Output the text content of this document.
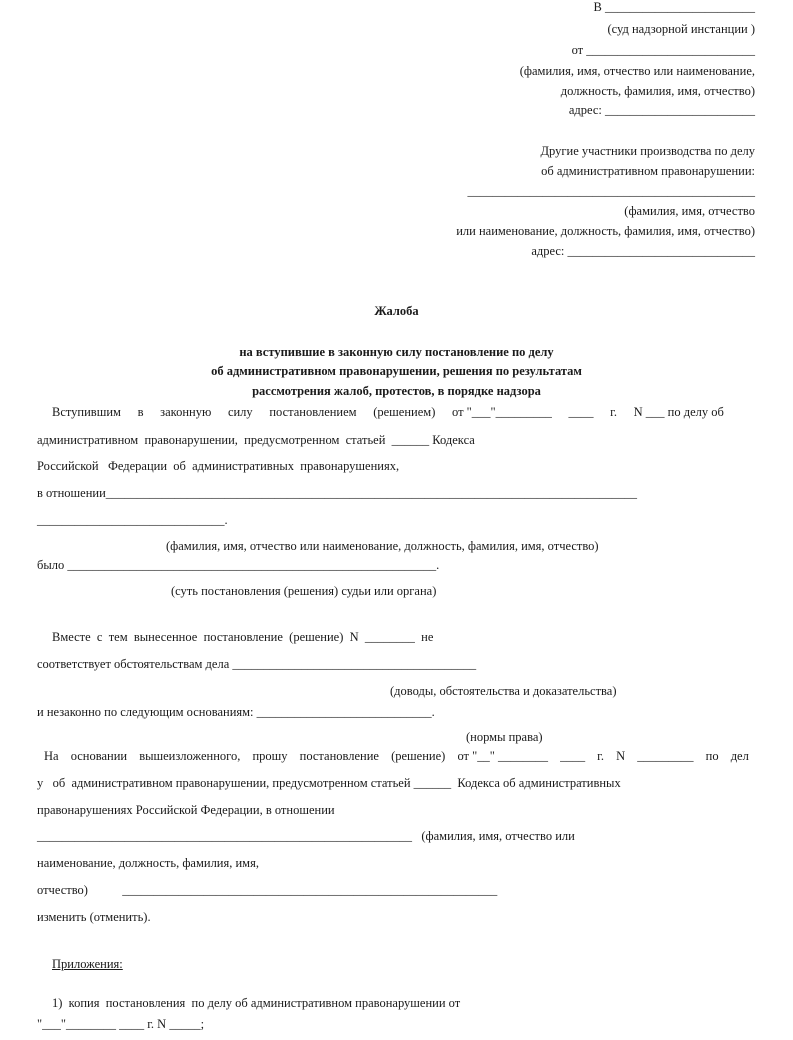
В ________________________
(суд надзорной инстанции )
от ___________________________
(фамилия, имя, отчество или наименование,
должность, фамилия, имя, отчество)
адрес: ________________________
Другие участники производства по делу
об административном правонарушении:
______________________________________________
(фамилия, имя, отчество
или наименование, должность, фамилия, имя, отчество)
адрес: ______________________________
Жалоба
на вступившие в законную силу постановление по делу
об административном правонарушении, решения по результатам
рассмотрения жалоб, протестов, в порядке надзора
Вступившим в законную силу постановлением (решением) от "___"_________ ____ г. N ___ по делу об
административном  правонарушении,  предусмотренном  статьей  ______ Кодекса
Российской   Федерации  об  административных  правонарушениях,
в отношении_____________________________________________________________________________________
______________________________.
(фамилия, имя, отчество или наименование, должность, фамилия, имя, отчество)
было ___________________________________________________________.
(суть постановления (решения) судьи или органа)
Вместе  с  тем  вынесенное  постановление  (решение)  N  ________  не
соответствует обстоятельствам дела _______________________________________
(доводы, обстоятельства и доказательства)
и незаконно по следующим основаниям: ____________________________.
(нормы права)
На основании вышеизложенного, прошу постановление (решение) от "__" ________ ____ г. N _________ по дел
у   об  административном правонарушении, предусмотренном статьей ______  Кодекса об административных
правонарушениях Российской Федерации, в отношении
____________________________________________________________   (фамилия, имя, отчество или
наименование, должность, фамилия, имя,
отчество)           ____________________________________________________________
изменить (отменить).
Приложения:
1)  копия  постановления  по делу об административном правонарушении от
"___"________ ____ г. N _____;
